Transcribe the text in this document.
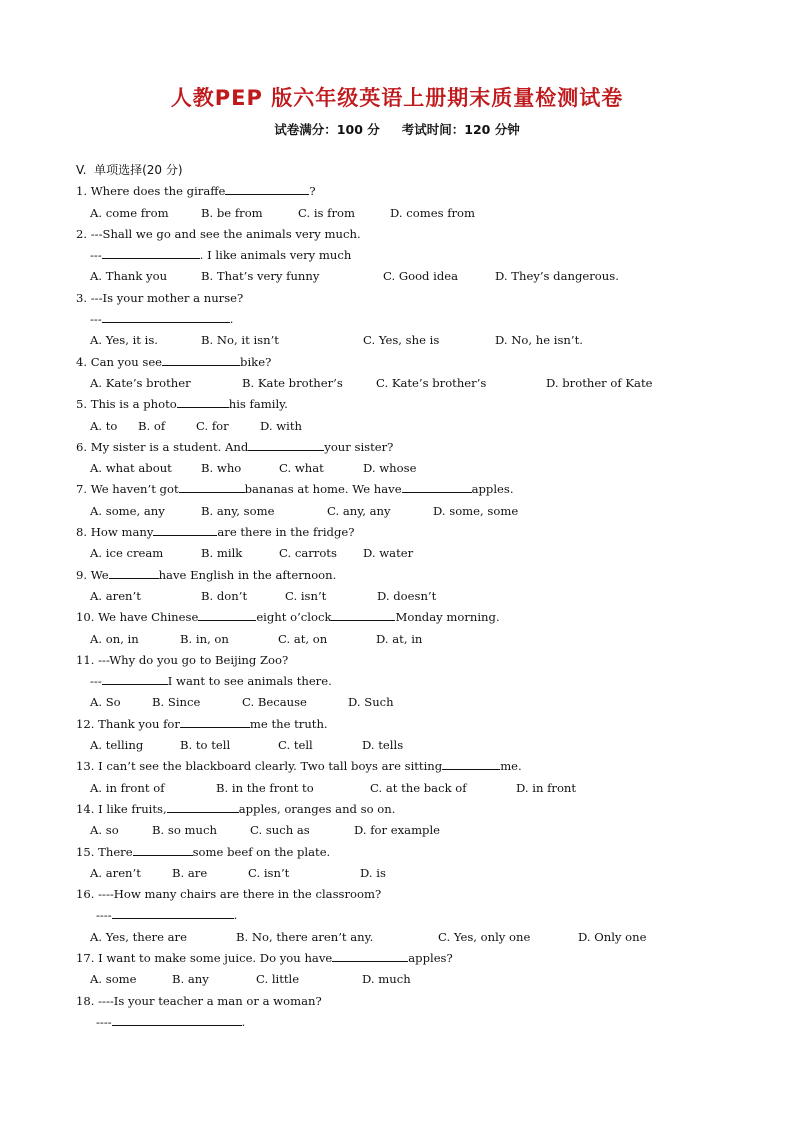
人教PEP 版六年级英语上册期末质量检测试卷
试卷满分：100 分 考试时间：120 分钟
V.  单项选择(20 分)
1. Where does the giraffe	?
A. come from	B. be from	C. is from	D. comes from
2. ---Shall we go and see the animals very much.
---	. I like animals very much
A. Thank you	B. That’s very funny	C. Good idea	D. They’s dangerous.
3. ---Is your mother a nurse?
---	.
A. Yes, it is.	B. No, it isn’t	C. Yes, she is	D. No, he isn’t.
4. Can you see	bike?
A. Kate’s brother	B. Kate brother’s	C. Kate’s brother’s	D. brother of Kate
5. This is a photo	his family.
A. to B. of	C. for	D. with
6. My sister is a student. And	your sister?
A. what about	B. who	C. what	D. whose
7. We haven’t got	bananas at home. We have	apples.
A. some, any	B. any, some	C. any, any	D. some, some
8. How many	are there in the fridge?
A. ice cream	B. milk	C. carrots D. water
9. We	have English in the afternoon.
A. aren’t	B. don’t	C. isn’t	D. doesn’t
10. We have Chinese	eight o’clock	Monday morning.
A. on, in	B. in, on	C. at, on	D. at, in
11. ---Why do you go to Beijing Zoo?
---	I want to see animals there.
A. So	B. Since	C. Because	D. Such
12. Thank you for	me the truth.
A. telling	B. to tell	C. tell	D. tells
13. I can’t see the blackboard clearly. Two tall boys are sitting	me.
A. in front of	B. in the front to	C. at the back of	D. in front
14. I like fruits,	apples, oranges and so on.
A. so	B. so much	C. such as	D. for example
15. There	some beef on the plate.
A. aren’t	B. are	C. isn’t	D. is
16. ----How many chairs are there in the classroom?
----	.
A. Yes, there are	B. No, there aren’t any.	C. Yes, only one	D. Only one
17. I want to make some juice. Do you have	apples?
A. some	B. any	C. little	D. much
18. ----Is your teacher a man or a woman?
----	.
